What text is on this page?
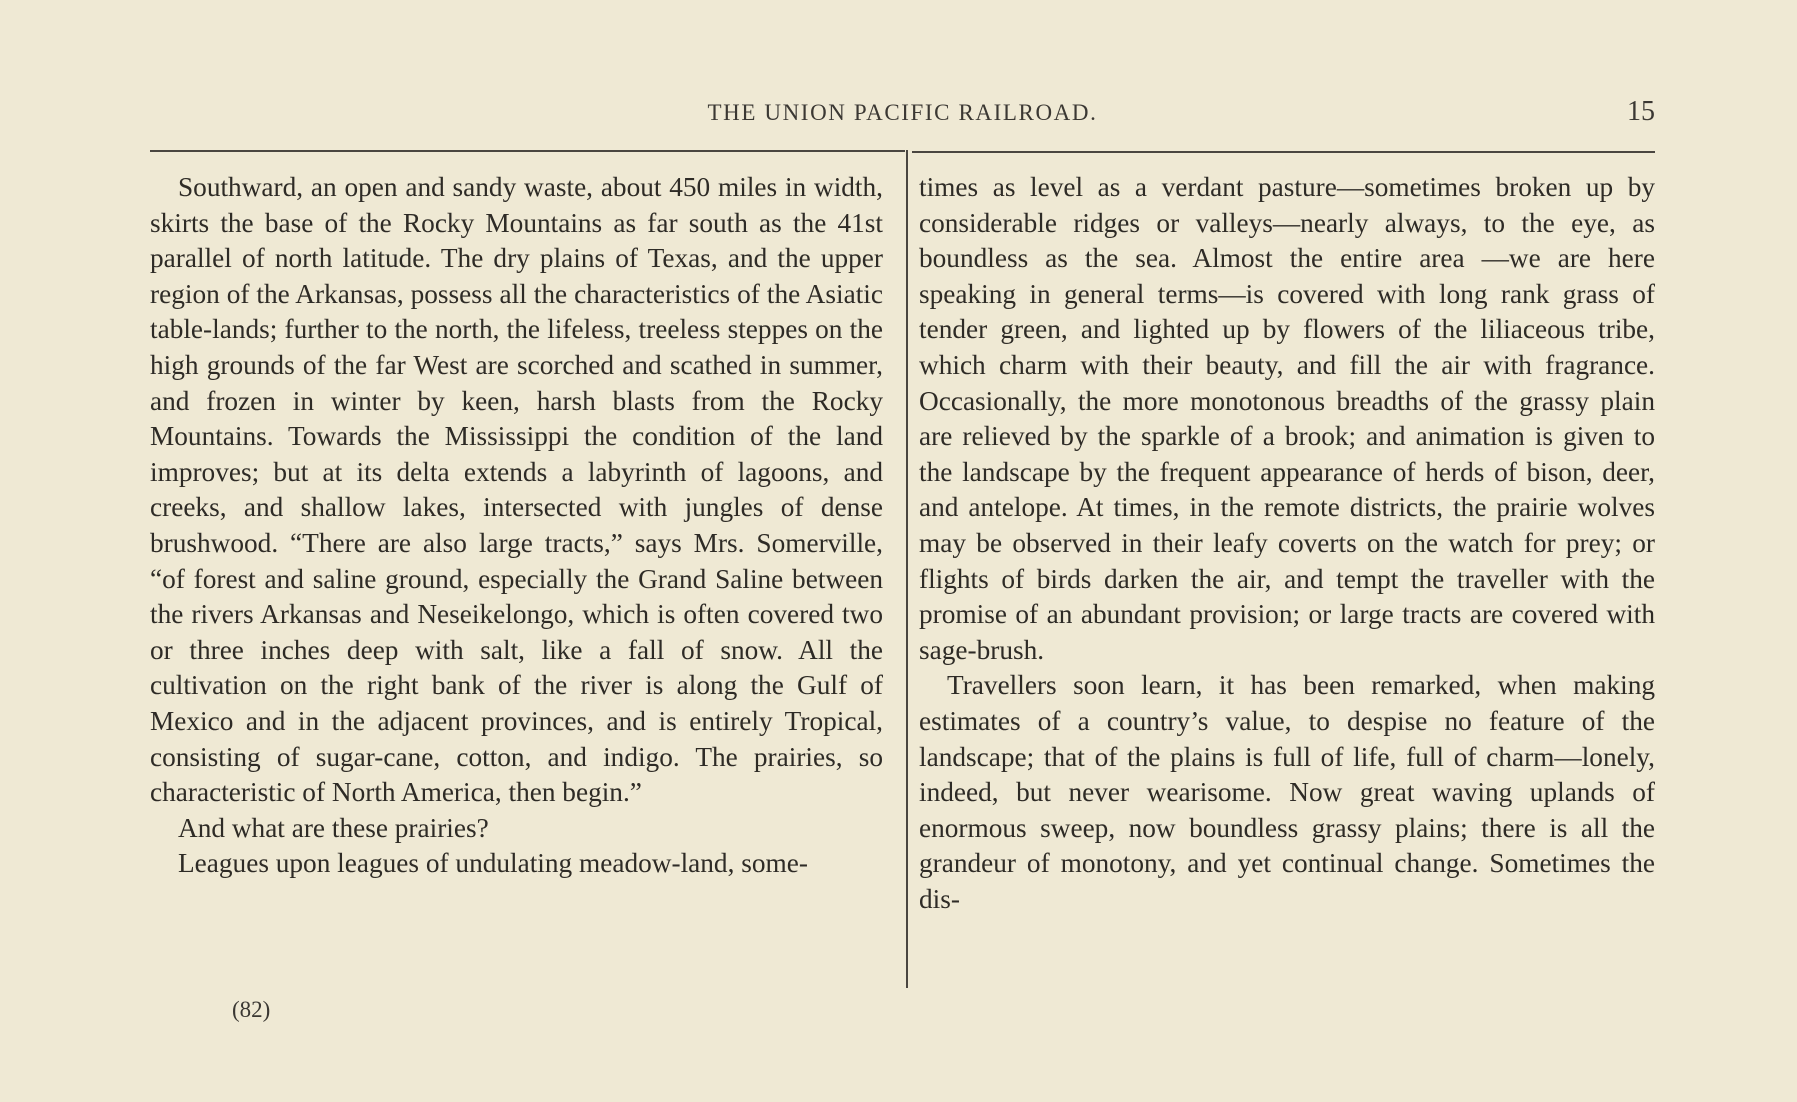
THE UNION PACIFIC RAILROAD.	15

Southward, an open and sandy waste, about 450 miles in width, skirts the base of the Rocky Mountains as far south as the 41st parallel of north latitude. The dry plains of Texas, and the upper region of the Arkansas, possess all the characteristics of the Asiatic table-lands; further to the north, the lifeless, treeless steppes on the high grounds of the far West are scorched and scathed in summer, and frozen in winter by keen, harsh blasts from the Rocky Mountains. Towards the Mississippi the condition of the land improves; but at its delta extends a labyrinth of lagoons, and creeks, and shallow lakes, intersected with jungles of dense brushwood. “There are also large tracts,” says Mrs. Somerville, “of forest and saline ground, especially the Grand Saline between the rivers Arkansas and Neseikelongo, which is often covered two or three inches deep with salt, like a fall of snow. All the cultivation on the right bank of the river is along the Gulf of Mexico and in the adjacent provinces, and is entirely Tropical, consisting of sugar-cane, cotton, and indigo. The prairies, so characteristic of North America, then begin.”

And what are these prairies?

Leagues upon leagues of undulating meadow-land, some-

times as level as a verdant pasture—sometimes broken up by considerable ridges or valleys—nearly always, to the eye, as boundless as the sea. Almost the entire area —we are here speaking in general terms—is covered with long rank grass of tender green, and lighted up by flowers of the liliaceous tribe, which charm with their beauty, and fill the air with fragrance. Occasionally, the more monotonous breadths of the grassy plain are relieved by the sparkle of a brook; and animation is given to the landscape by the frequent appearance of herds of bison, deer, and antelope. At times, in the remote districts, the prairie wolves may be observed in their leafy coverts on the watch for prey; or flights of birds darken the air, and tempt the traveller with the promise of an abundant provision; or large tracts are covered with sage-brush.

Travellers soon learn, it has been remarked, when making estimates of a country’s value, to despise no feature of the landscape; that of the plains is full of life, full of charm—lonely, indeed, but never wearisome. Now great waving uplands of enormous sweep, now boundless grassy plains; there is all the grandeur of monotony, and yet continual change. Sometimes the dis-

(82)
